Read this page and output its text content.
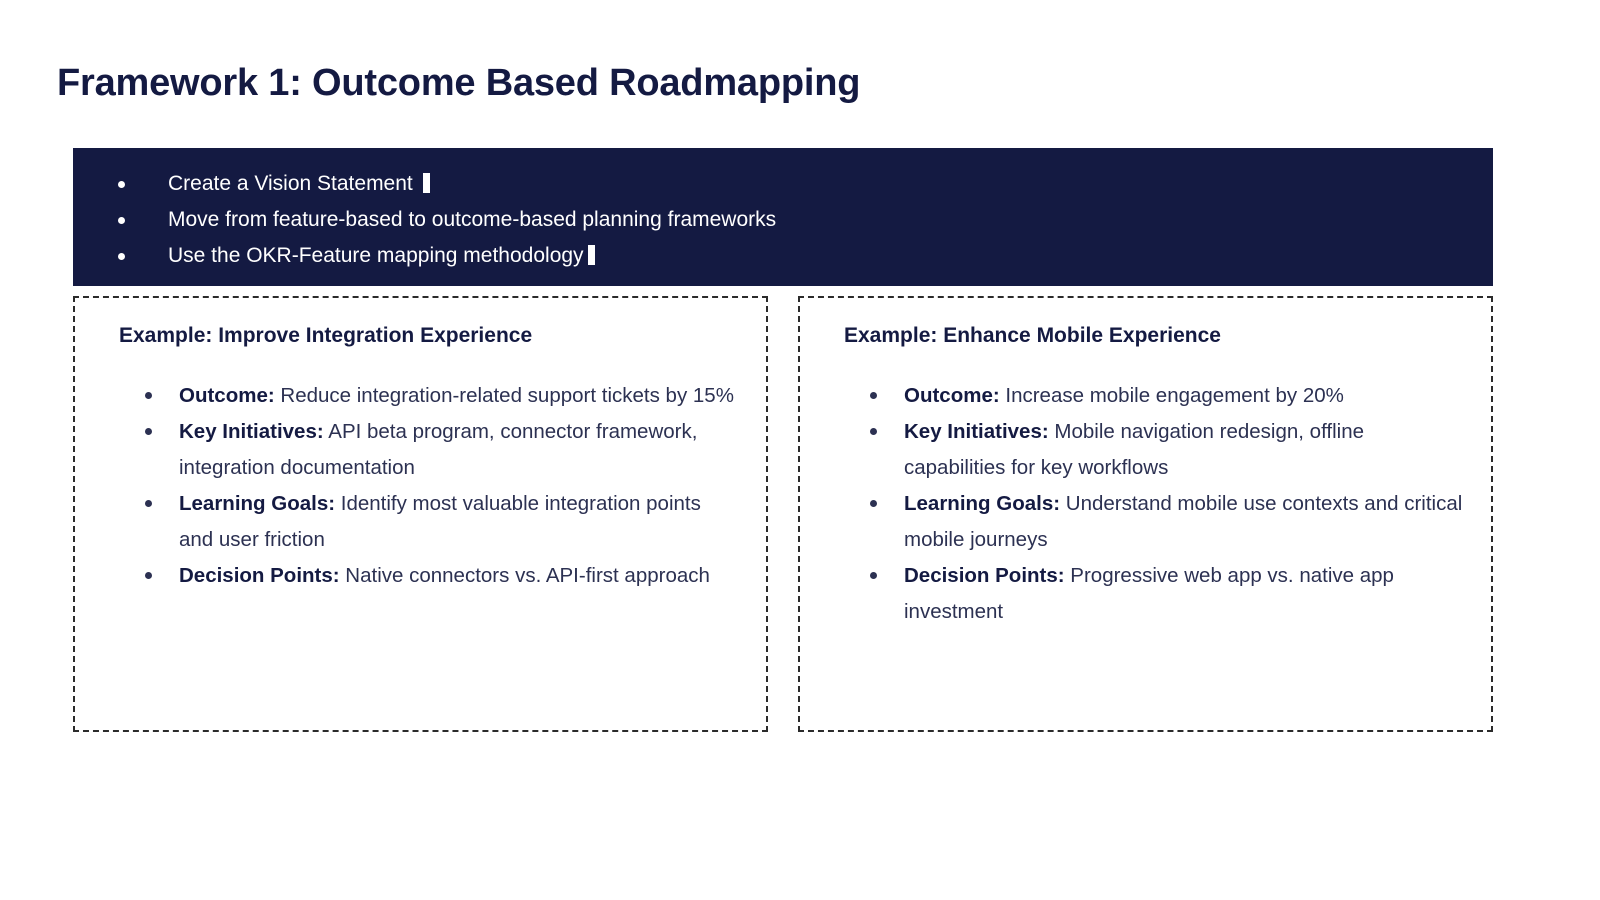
Framework 1: Outcome Based Roadmapping
Create a Vision Statement
Move from feature-based to outcome-based planning frameworks
Use the OKR-Feature mapping methodology
Example: Improve Integration Experience
Outcome: Reduce integration-related support tickets by 15%
Key Initiatives: API beta program, connector framework, integration documentation
Learning Goals: Identify most valuable integration points and user friction
Decision Points: Native connectors vs. API-first approach
Example: Enhance Mobile Experience
Outcome: Increase mobile engagement by 20%
Key Initiatives: Mobile navigation redesign, offline capabilities for key workflows
Learning Goals: Understand mobile use contexts and critical mobile journeys
Decision Points: Progressive web app vs. native app investment
